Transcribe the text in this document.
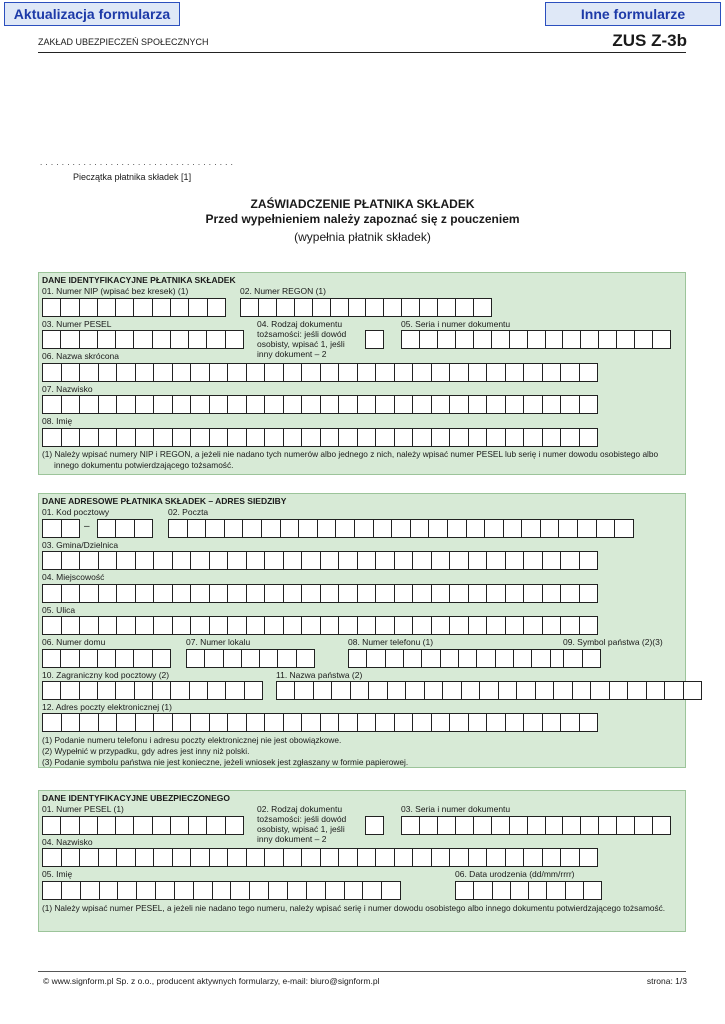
Aktualizacja formularza	Inne formularze
ZAKŁAD UBEZPIECZEŃ SPOŁECZNYCH	ZUS Z-3b
. . . . . . . . . . . . . . . . . . . . . . . . . . . . . . . . . . . .
Pieczątka płatnika składek [1]
ZAŚWIADCZENIE PŁATNIKA SKŁADEK
Przed wypełnieniem należy zapoznać się z pouczeniem
(wypełnia płatnik składek)
DANE IDENTYFIKACYJNE PŁATNIKA SKŁADEK
01. Numer NIP (wpisać bez kresek) (1)	02. Numer REGON (1)
03. Numer PESEL	04. Rodzaj dokumentu tożsamości: jeśli dowód osobisty, wpisać 1, jeśli inny dokument – 2
05. Seria i numer dokumentu
06. Nazwa skrócona
07. Nazwisko
08. Imię
(1) Należy wpisać numery NIP i REGON, a jeżeli nie nadano tych numerów albo jednego z nich, należy wpisać numer PESEL lub serię i numer dowodu osobistego albo innego dokumentu potwierdzającego tożsamość.
DANE ADRESOWE PŁATNIKA SKŁADEK – ADRES SIEDZIBY
01. Kod pocztowy	02. Poczta
–
03. Gmina/Dzielnica
04. Miejscowość
05. Ulica
06. Numer domu	07. Numer lokalu	08. Numer telefonu (1)	09. Symbol państwa (2)(3)
10. Zagraniczny kod pocztowy (2)	11. Nazwa państwa (2)
12. Adres poczty elektronicznej (1)
(1) Podanie numeru telefonu i adresu poczty elektronicznej nie jest obowiązkowe.
(2) Wypełnić w przypadku, gdy adres jest inny niż polski.
(3) Podanie symbolu państwa nie jest konieczne, jeżeli wniosek jest zgłaszany w formie papierowej.
DANE IDENTYFIKACYJNE UBEZPIECZONEGO
01. Numer PESEL (1)	02. Rodzaj dokumentu tożsamości: jeśli dowód osobisty, wpisać 1, jeśli inny dokument – 2
03. Seria i numer dokumentu
04. Nazwisko
05. Imię	06. Data urodzenia (dd/mm/rrrr)
(1) Należy wpisać numer PESEL, a jeżeli nie nadano tego numeru, należy wpisać serię i numer dowodu osobistego albo innego dokumentu potwierdzającego tożsamość.
© www.signform.pl Sp. z o.o., producent aktywnych formularzy, e-mail: biuro@signform.pl	strona: 1/3
